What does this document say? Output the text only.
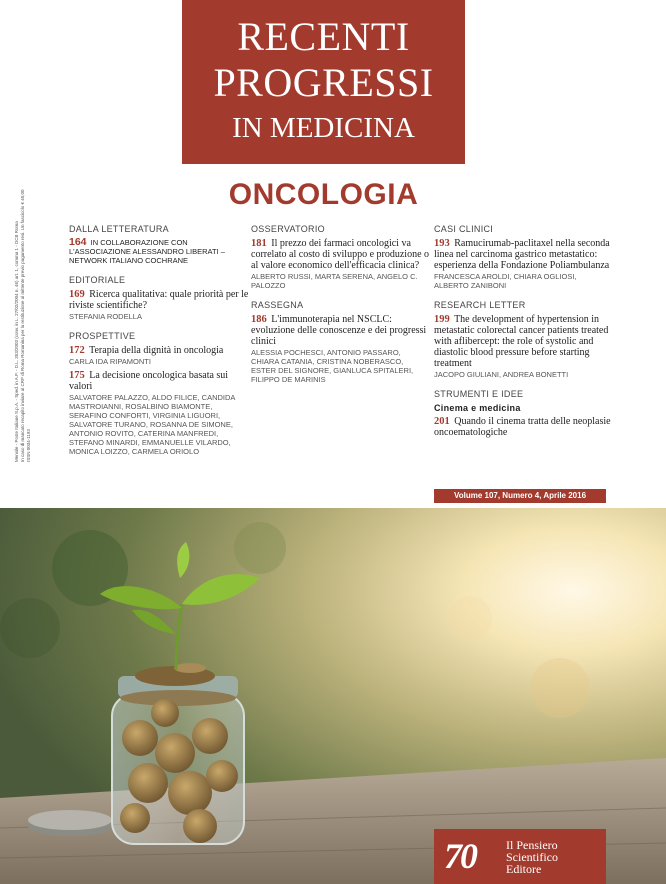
RECENTI
PROGRESSI
IN MEDICINA
ONCOLOGIA
Mensile - Poste Italiane S.p.A. - Sped. in A.P. - D.L. 353/2003 (conv. in L. 27/02/2004 n. 46) art. 1, comma 1 - DCB Roma In caso di mancato recapito inviare al CRP di Roma Romanina per la restituzione al mittente previo pagamento resi. Un fascicolo € 40,00 ISSN 0034-1193
DALLA LETTERATURA
164 IN COLLABORAZIONE CON L'ASSOCIAZIONE ALESSANDRO LIBERATI – NETWORK ITALIANO COCHRANE
EDITORIALE
169 Ricerca qualitativa: quale priorità per le riviste scientifiche?
STEFANIA RODELLA
PROSPETTIVE
172 Terapia della dignità in oncologia
CARLA IDA RIPAMONTI
175 La decisione oncologica basata sui valori
SALVATORE PALAZZO, ALDO FILICE, CANDIDA MASTROIANNI, ROSALBINO BIAMONTE, SERAFINO CONFORTI, VIRGINIA LIGUORI, SALVATORE TURANO, ROSANNA DE SIMONE, ANTONIO ROVITO, CATERINA MANFREDI, STEFANO MINARDI, EMMANUELLE VILARDO, MONICA LOIZZO, CARMELA ORIOLO
OSSERVATORIO
181 Il prezzo dei farmaci oncologici va correlato al costo di sviluppo e produzione o al valore economico dell'efficacia clinica?
ALBERTO RUSSI, MARTA SERENA, ANGELO C. PALOZZO
RASSEGNA
186 L'immunoterapia nel NSCLC: evoluzione delle conoscenze e dei progressi clinici
ALESSIA POCHESCI, ANTONIO PASSARO, CHIARA CATANIA, CRISTINA NOBERASCO, ESTER DEL SIGNORE, GIANLUCA SPITALERI, FILIPPO DE MARINIS
CASI CLINICI
193 Ramucirumab-paclitaxel nella seconda linea nel carcinoma gastrico metastatico: esperienza della Fondazione Poliambulanza
FRANCESCA AROLDI, CHIARA OGLIOSI, ALBERTO ZANIBONI
RESEARCH LETTER
199 The development of hypertension in metastatic colorectal cancer patients treated with aflibercept: the role of systolic and diastolic blood pressure before starting treatment
JACOPO GIULIANI, ANDREA BONETTI
STRUMENTI E IDEE
Cinema e medicina
201 Quando il cinema tratta delle neoplasie oncoematologiche
Volume 107, Numero 4, Aprile 2016
70	Il Pensiero
Scientifico
Editore
